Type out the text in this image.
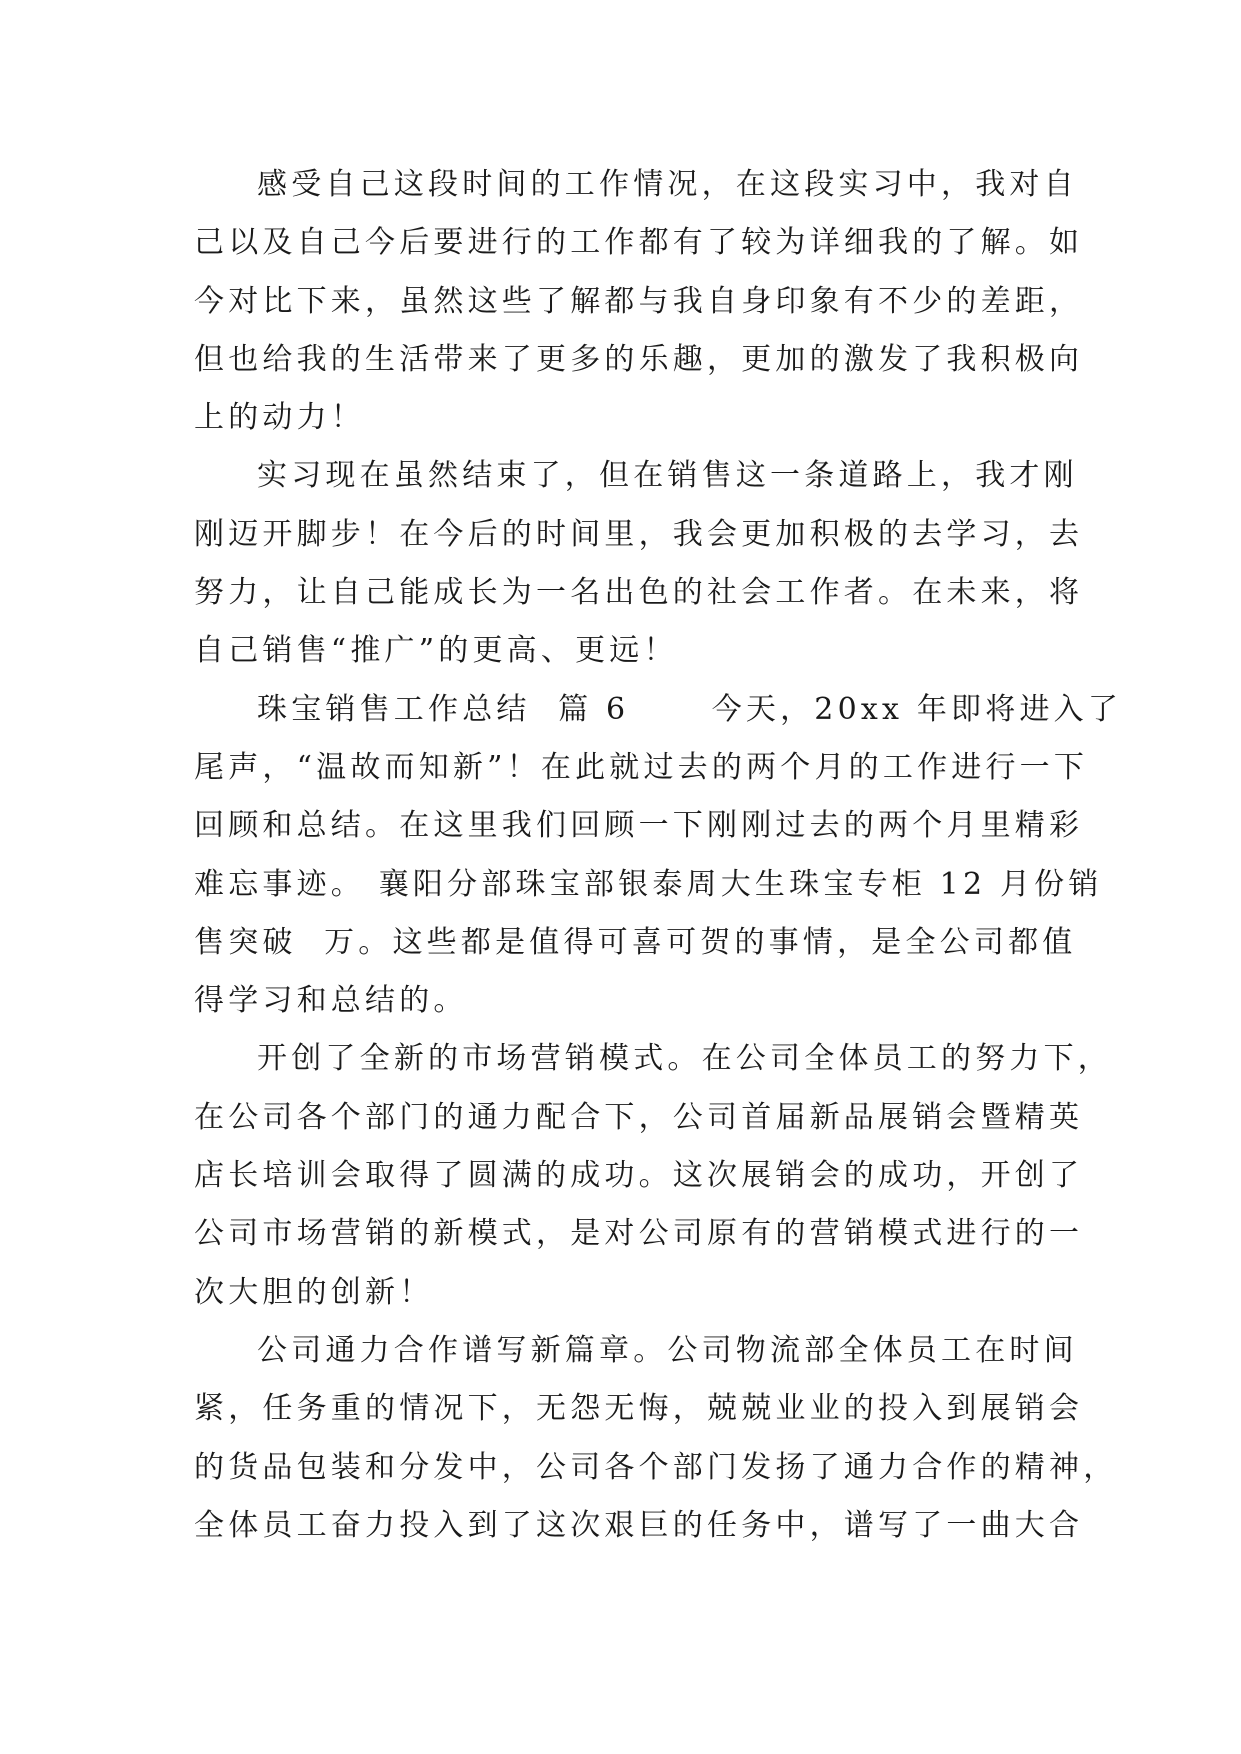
感受自己这段时间的工作情况，在这段实习中，我对自
己以及自己今后要进行的工作都有了较为详细我的了解。如
今对比下来，虽然这些了解都与我自身印象有不少的差距，
但也给我的生活带来了更多的乐趣，更加的激发了我积极向
上的动力！
实习现在虽然结束了，但在销售这一条道路上，我才刚
刚迈开脚步！在今后的时间里，我会更加积极的去学习，去
努力，让自己能成长为一名出色的社会工作者。在未来，将
自己销售“推广”的更高、更远！
珠宝销售工作总结  篇 6      今天，20xx 年即将进入了
尾声，“温故而知新”！在此就过去的两个月的工作进行一下
回顾和总结。在这里我们回顾一下刚刚过去的两个月里精彩
难忘事迹。 襄阳分部珠宝部银泰周大生珠宝专柜 12 月份销
售突破  万。这些都是值得可喜可贺的事情，是全公司都值
得学习和总结的。
开创了全新的市场营销模式。在公司全体员工的努力下，
在公司各个部门的通力配合下，公司首届新品展销会暨精英
店长培训会取得了圆满的成功。这次展销会的成功，开创了
公司市场营销的新模式，是对公司原有的营销模式进行的一
次大胆的创新！
公司通力合作谱写新篇章。公司物流部全体员工在时间
紧，任务重的情况下，无怨无悔，兢兢业业的投入到展销会
的货品包装和分发中，公司各个部门发扬了通力合作的精神，
全体员工奋力投入到了这次艰巨的任务中，谱写了一曲大合
